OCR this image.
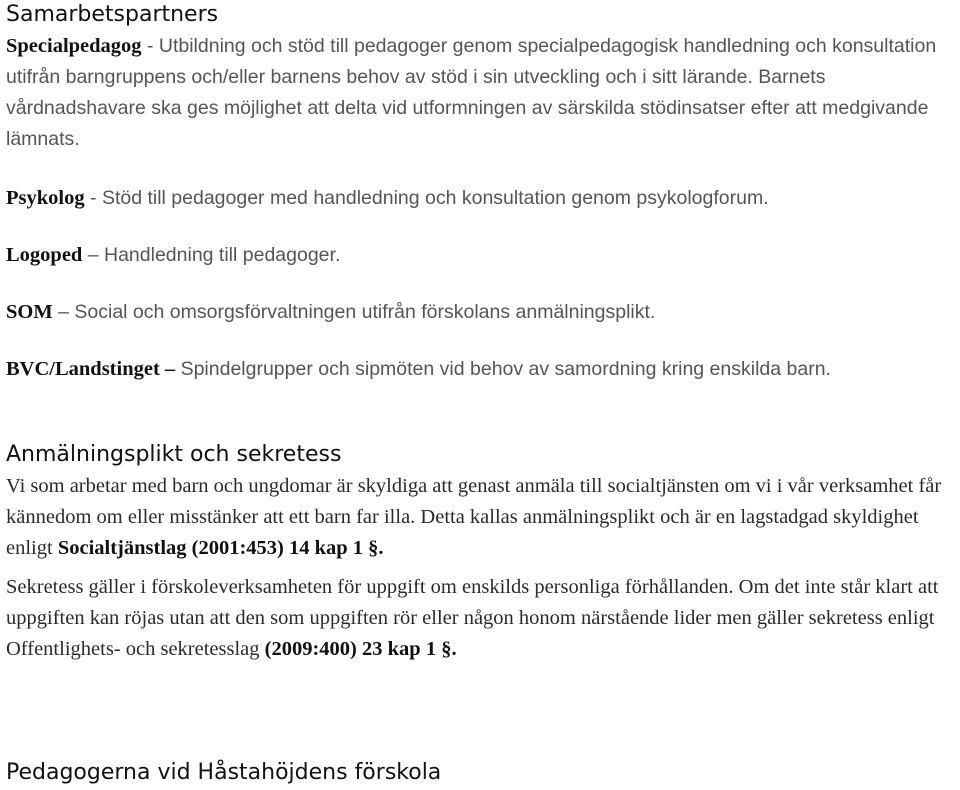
Samarbetspartners

Specialpedagog - Utbildning och stöd till pedagoger genom specialpedagogisk handledning och konsultation utifrån barngruppens och/eller barnens behov av stöd i sin utveckling och i sitt lärande. Barnets vårdnadshavare ska ges möjlighet att delta vid utformningen av särskilda stödinsatser efter att medgivande lämnats.

Psykolog - Stöd till pedagoger med handledning och konsultation genom psykologforum.

Logoped – Handledning till pedagoger.

SOM – Social och omsorgsförvaltningen utifrån förskolans anmälningsplikt.

BVC/Landstinget – Spindelgrupper och sipmöten vid behov av samordning kring enskilda barn.

Anmälningsplikt och sekretess

Vi som arbetar med barn och ungdomar är skyldiga att genast anmäla till socialtjänsten om vi i vår verksamhet får kännedom om eller misstänker att ett barn far illa. Detta kallas anmälningsplikt och är en lagstadgad skyldighet enligt Socialtjänstlag (2001:453) 14 kap 1 §.

Sekretess gäller i förskoleverksamheten för uppgift om enskilds personliga förhållanden. Om det inte står klart att uppgiften kan röjas utan att den som uppgiften rör eller någon honom närstående lider men gäller sekretess enligt Offentlighets- och sekretesslag (2009:400) 23 kap 1 §.

Pedagogerna vid Håstahöjdens förskola
